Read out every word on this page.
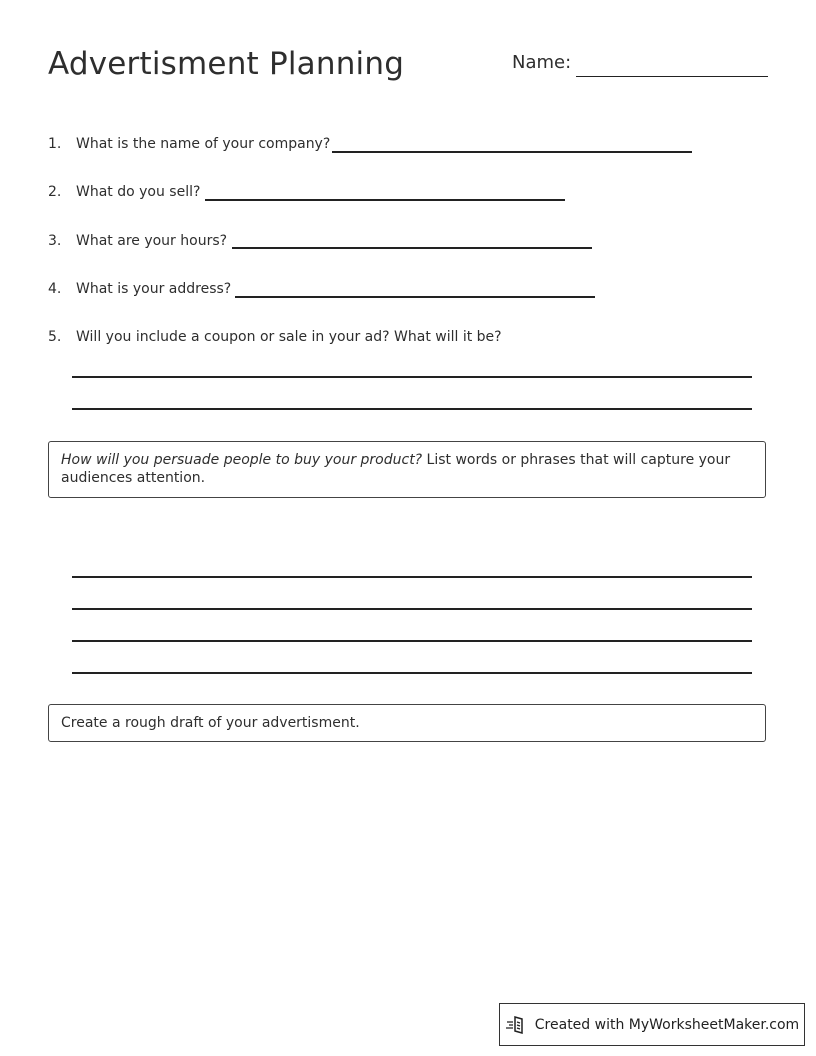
Advertisment Planning	Name:
1. What is the name of your company?
2. What do you sell?
3. What are your hours?
4. What is your address?
5. Will you include a coupon or sale in your ad? What will it be?
How will you persuade people to buy your product? List words or phrases that will capture your audiences attention.
Create a rough draft of your advertisment.
Created with MyWorksheetMaker.com
